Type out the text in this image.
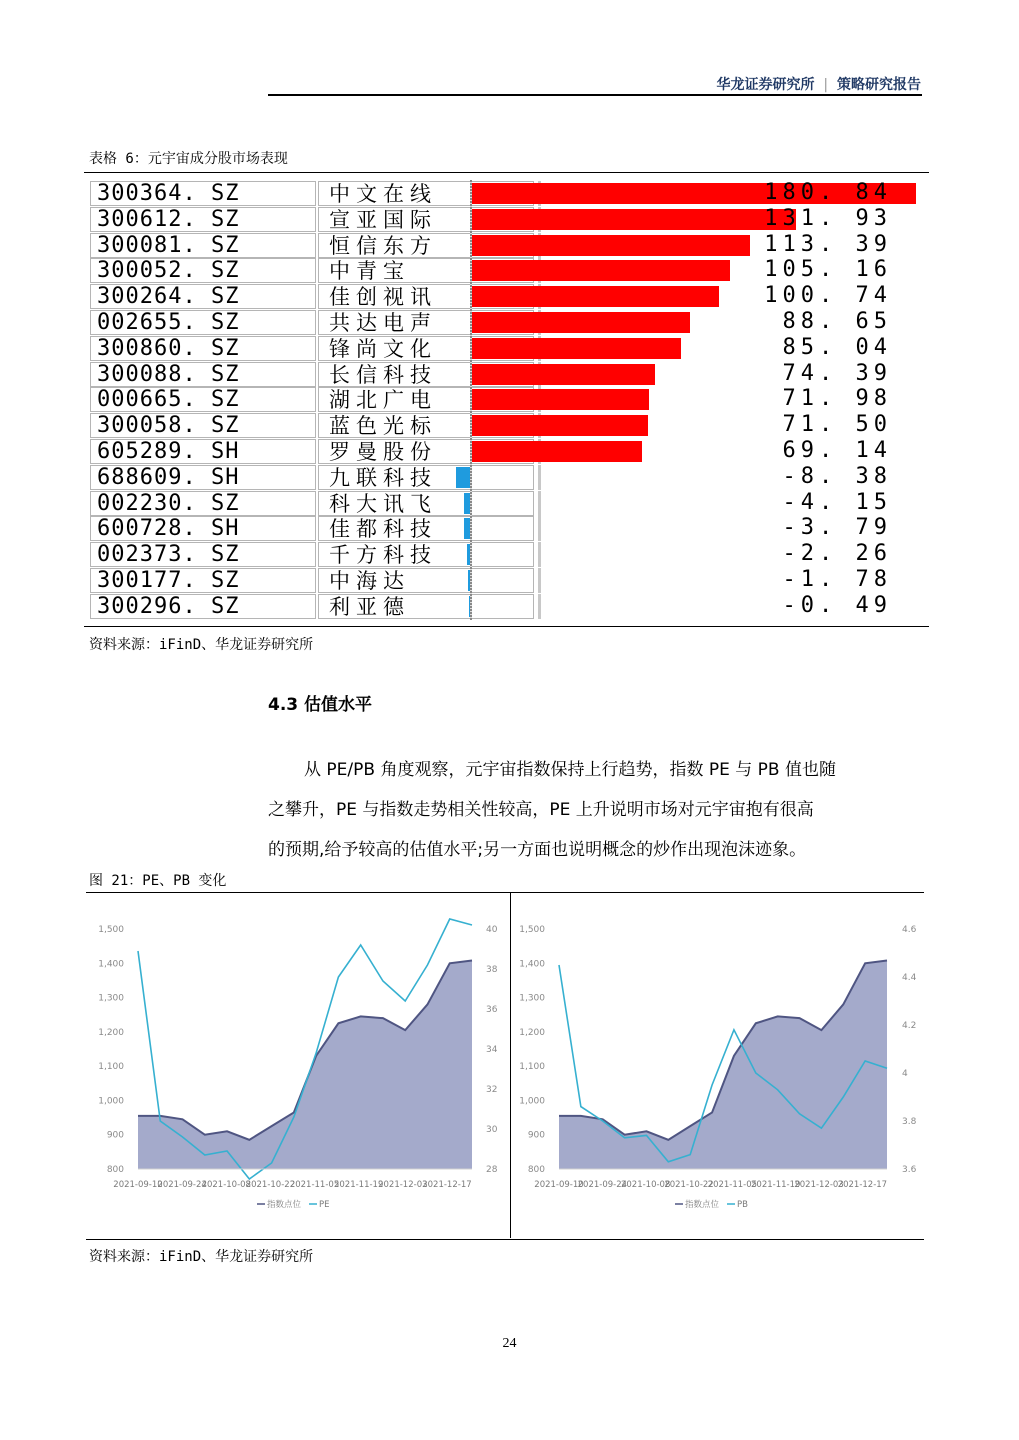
华龙证券研究所 | 策略研究报告
表格 6：元宇宙成分股市场表现
300364. SZ	中文在线	180. 84
300612. SZ	宣亚国际	131. 93
300081. SZ	恒信东方	113. 39
300052. SZ	中青宝	105. 16
300264. SZ	佳创视讯	100. 74
002655. SZ	共达电声	88. 65
300860. SZ	锋尚文化	85. 04
300088. SZ	长信科技	74. 39
000665. SZ	湖北广电	71. 98
300058. SZ	蓝色光标	71. 50
605289. SH	罗曼股份	69. 14
688609. SH	九联科技	-8. 38
002230. SZ	科大讯飞	-4. 15
600728. SH	佳都科技	-3. 79
002373. SZ	千方科技	-2. 26
300177. SZ	中海达	-1. 78
300296. SZ	利亚德	-0. 49
资料来源：iFinD、华龙证券研究所
4.3 估值水平

从 PE/PB 角度观察，元宇宙指数保持上行趋势，指数 PE 与 PB 值也随

之攀升，PE 与指数走势相关性较高，PE 上升说明市场对元宇宙抱有很高

的预期,给予较高的估值水平;另一方面也说明概念的炒作出现泡沫迹象。

图 21：PE、PB 变化
800
900
1,000
1,100
1,200
1,300
1,400
1,500
28
30
32
34
36
38
40
2021-09-10
2021-09-24
2021-10-08
2021-10-22
2021-11-05
2021-11-19
2021-12-03
2021-12-17
指数点位 PE
800
900
1,000
1,100
1,200
1,300
1,400
1,500
3.6
3.8
4
4.2
4.4
4.6
2021-09-10
2021-09-24
2021-10-08
2021-10-22
2021-11-05
2021-11-19
2021-12-03
2021-12-17
指数点位 PB
资料来源：iFinD、华龙证券研究所
24
